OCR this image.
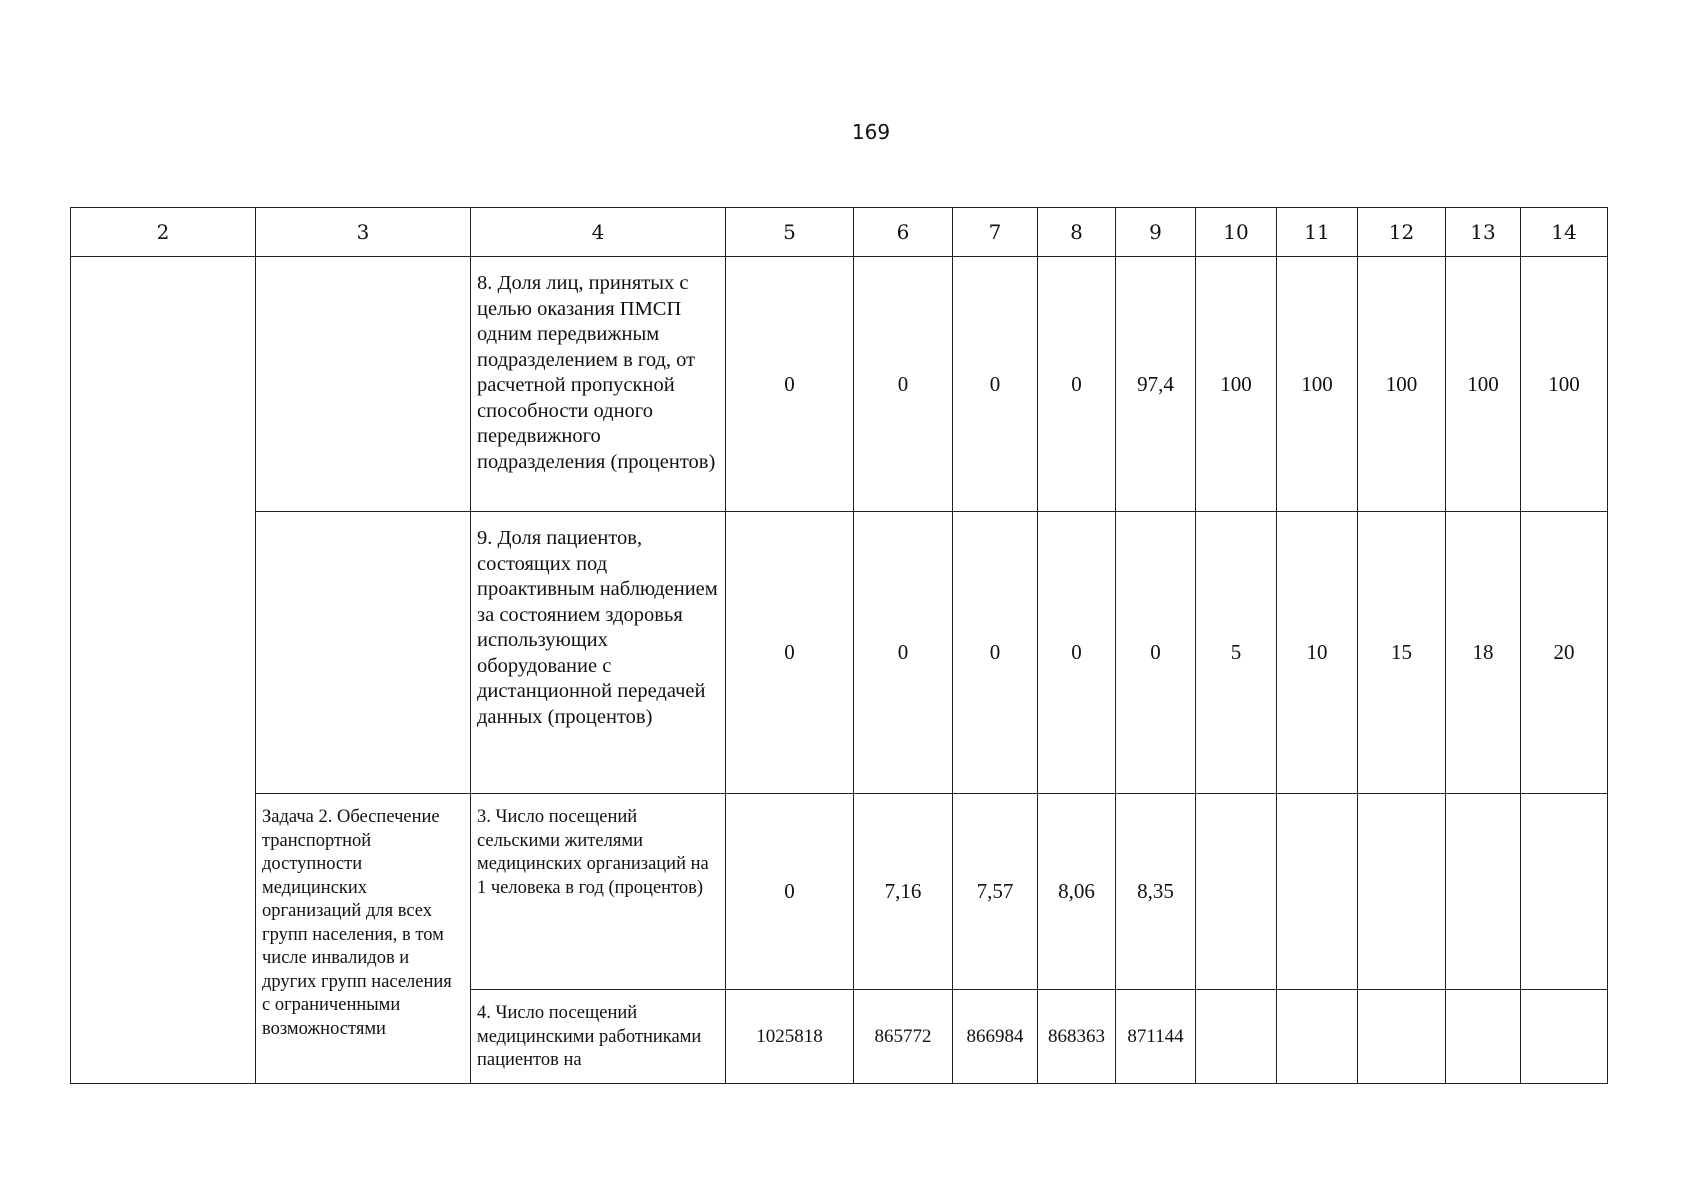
169
2	3	4	5	6	7	8	9	10	11	12	13	14
		8. Доля лиц, принятых с целью оказания ПМСП одним передвижным подразделением в год, от расчетной пропускной способности одного передвижного подразделения (процентов)	0	0	0	0	97,4	100	100	100	100	100
		9. Доля пациентов, состоящих под проактивным наблюдением за состоянием здоровья использующих оборудование с дистанционной передачей данных (процентов)	0	0	0	0	0	5	10	15	18	20
	Задача 2. Обеспечение транспортной доступности медицинских организаций для всех групп населения, в том числе инвалидов и других групп населения с ограниченными возможностями	3. Число посещений сельскими жителями медицинских организаций на 1 человека в год (процентов)	0	7,16	7,57	8,06	8,35					
		4. Число посещений медицинскими работниками пациентов на	1025818	865772	866984	868363	871144					
